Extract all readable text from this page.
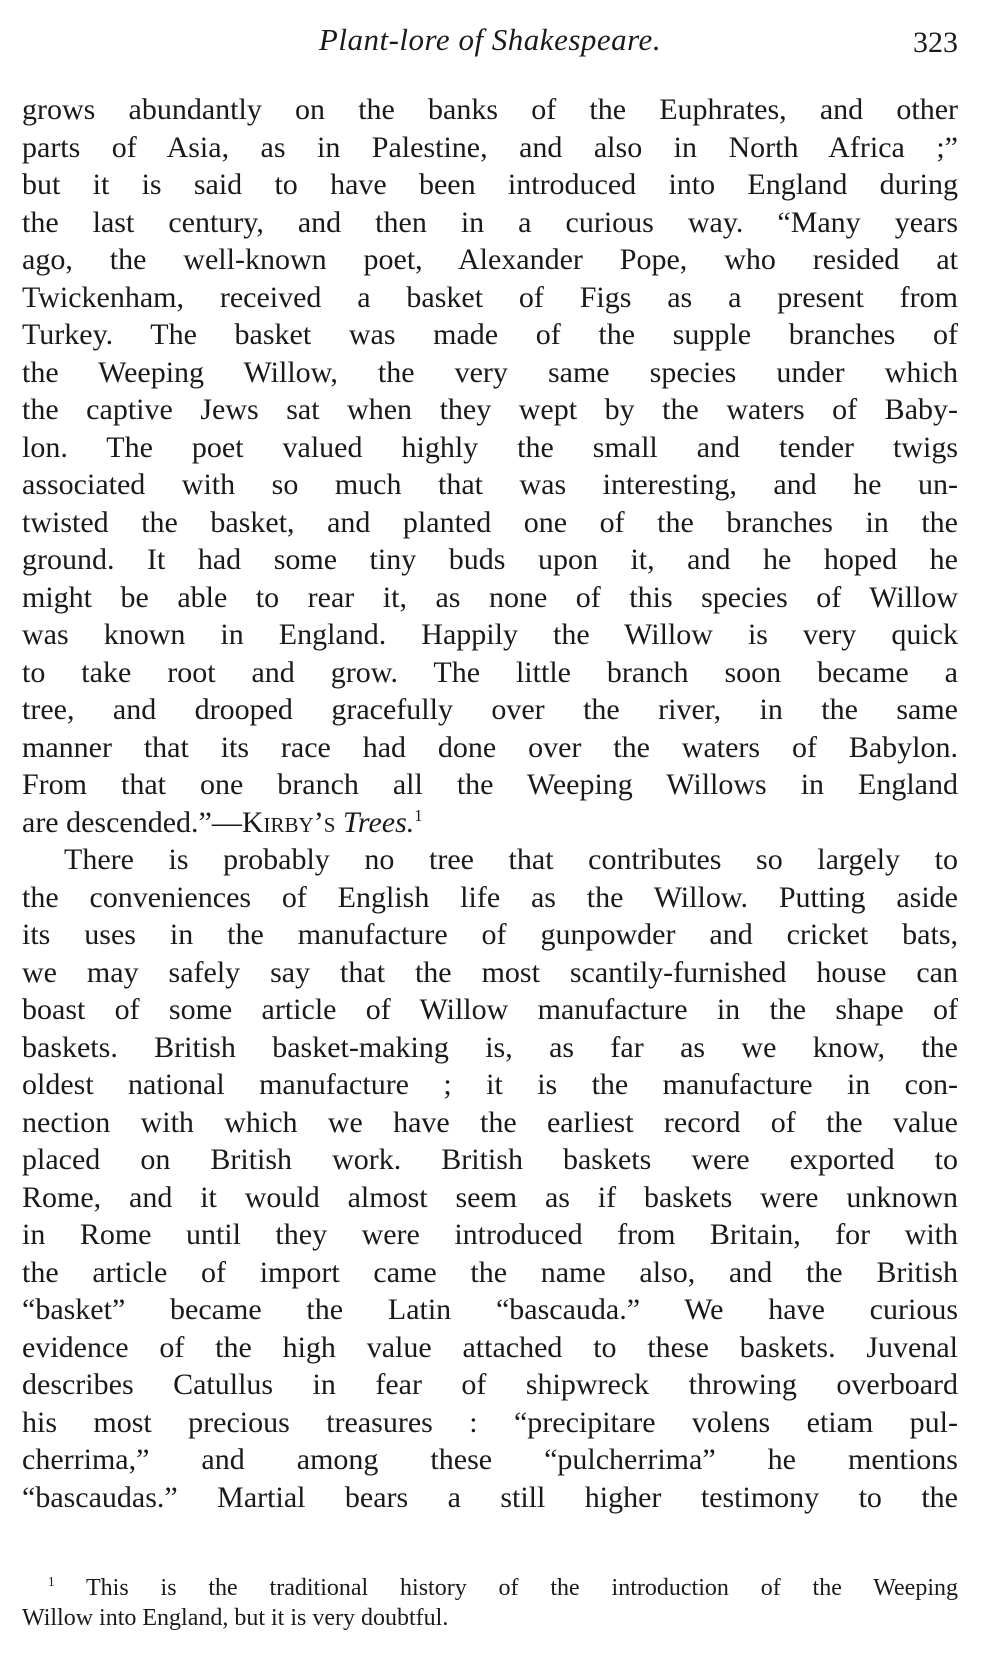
Plant-lore of Shakespeare.	323
grows abundantly on the banks of the Euphrates, and other
parts of Asia, as in Palestine, and also in North Africa ;”
but it is said to have been introduced into England during
the last century, and then in a curious way. “Many years
ago, the well-known poet, Alexander Pope, who resided at
Twickenham, received a basket of Figs as a present from
Turkey. The basket was made of the supple branches of
the Weeping Willow, the very same species under which
the captive Jews sat when they wept by the waters of Baby-
lon. The poet valued highly the small and tender twigs
associated with so much that was interesting, and he un-
twisted the basket, and planted one of the branches in the
ground. It had some tiny buds upon it, and he hoped he
might be able to rear it, as none of this species of Willow
was known in England. Happily the Willow is very quick
to take root and grow. The little branch soon became a
tree, and drooped gracefully over the river, in the same
manner that its race had done over the waters of Babylon.
From that one branch all the Weeping Willows in England
are descended.”—Kirby’s Trees.$^1$
There is probably no tree that contributes so largely to
the conveniences of English life as the Willow. Putting aside
its uses in the manufacture of gunpowder and cricket bats,
we may safely say that the most scantily-furnished house can
boast of some article of Willow manufacture in the shape of
baskets. British basket-making is, as far as we know, the
oldest national manufacture ; it is the manufacture in con-
nection with which we have the earliest record of the value
placed on British work. British baskets were exported to
Rome, and it would almost seem as if baskets were unknown
in Rome until they were introduced from Britain, for with
the article of import came the name also, and the British
“basket” became the Latin “bascauda.” We have curious
evidence of the high value attached to these baskets. Juvenal
describes Catullus in fear of shipwreck throwing overboard
his most precious treasures : “precipitare volens etiam pul-
cherrima,” and among these “pulcherrima” he mentions
“bascaudas.” Martial bears a still higher testimony to the
$^1$ This is the traditional history of the introduction of the Weeping
Willow into England, but it is very doubtful.
